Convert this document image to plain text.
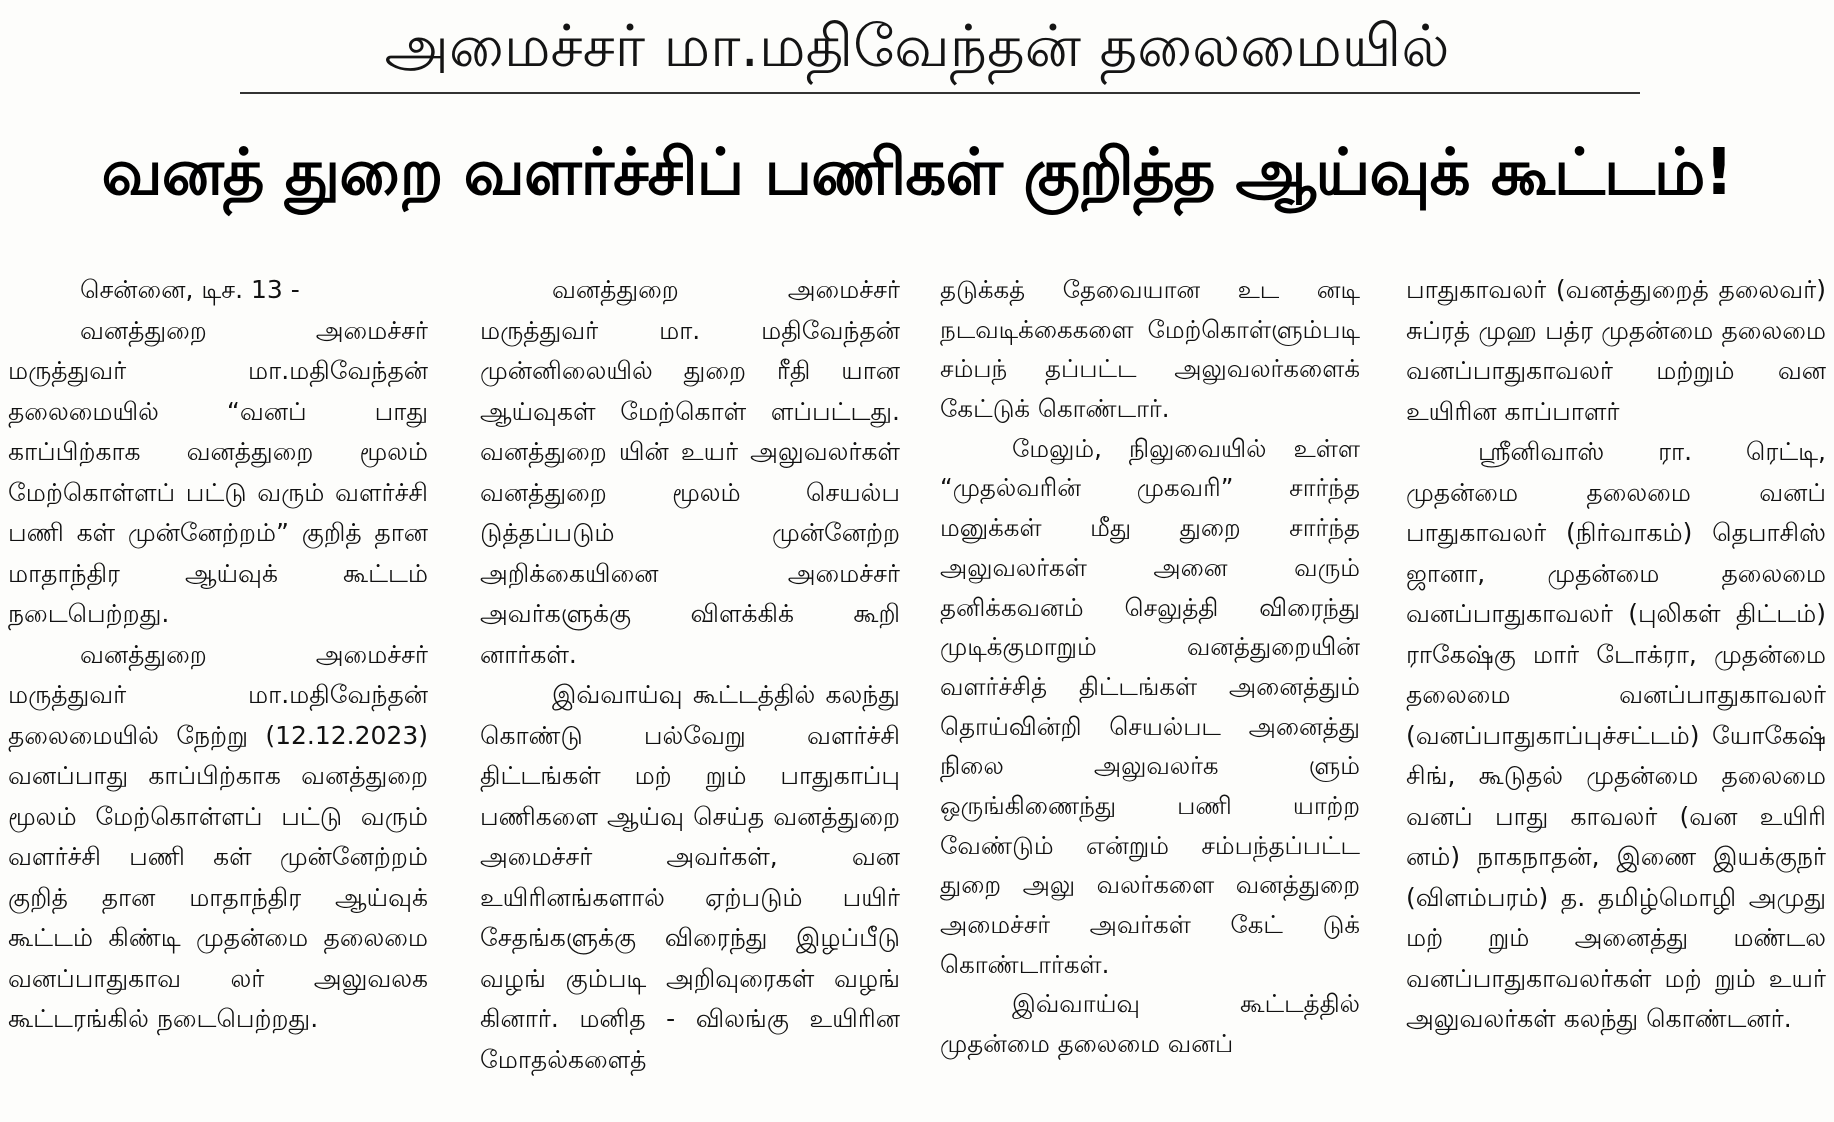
அமைச்சர் மா.மதிவேந்தன் தலைமையில்
வனத் துறை வளர்ச்சிப் பணிகள் குறித்த ஆய்வுக் கூட்டம்!

சென்னை, டிச. 13 -

வனத்துறை அமைச்சர் மருத்துவர் மா.மதிவேந்தன் தலைமையில் “வனப் பாது காப்பிற்காக வனத்துறை மூலம் மேற்கொள்ளப் பட்டு வரும் வளர்ச்சி பணி கள் முன்னேற்றம்” குறித் தான மாதாந்திர ஆய்வுக் கூட்டம் நடைபெற்றது.

வனத்துறை அமைச்சர் மருத்துவர் மா.மதிவேந்தன் தலைமையில் நேற்று (12.12.2023) வனப்பாது காப்பிற்காக வனத்துறை மூலம் மேற்கொள்ளப் பட்டு வரும் வளர்ச்சி பணி கள் முன்னேற்றம் குறித் தான மாதாந்திர ஆய்வுக் கூட்டம் கிண்டி முதன்மை தலைமை வனப்பாதுகாவ லர் அலுவலக கூட்டரங்கில் நடைபெற்றது.

வனத்துறை அமைச்சர் மருத்துவர் மா. மதிவேந்தன் முன்னிலையில் துறை ரீதி யான ஆய்வுகள் மேற்கொள் ளப்பட்டது. வனத்துறை யின் உயர் அலுவலர்கள் வனத்துறை மூலம் செயல்ப டுத்தப்படும் முன்னேற்ற அறிக்கையினை அமைச்சர் அவர்களுக்கு விளக்கிக் கூறி னார்கள்.

இவ்வாய்வு கூட்டத்தில் கலந்து கொண்டு பல்வேறு வளர்ச்சி திட்டங்கள் மற் றும் பாதுகாப்பு பணிகளை ஆய்வு செய்த வனத்துறை அமைச்சர் அவர்கள், வன உயிரினங்களால் ஏற்படும் பயிர் சேதங்களுக்கு விரைந்து இழப்பீடு வழங் கும்படி அறிவுரைகள் வழங் கினார். மனித - விலங்கு உயிரின மோதல்களைத்

தடுக்கத் தேவையான உட னடி நடவடிக்கைகளை மேற்கொள்ளும்படி சம்பந் தப்பட்ட அலுவலர்களைக் கேட்டுக் கொண்டார்.

மேலும், நிலுவையில் உள்ள “முதல்வரின் முகவரி” சார்ந்த மனுக்கள் மீது துறை சார்ந்த அலுவலர்கள் அனை வரும் தனிக்கவனம் செலுத்தி விரைந்து முடிக்குமாறும் வனத்துறையின் வளர்ச்சித் திட்டங்கள் அனைத்தும் தொய்வின்றி செயல்பட அனைத்து நிலை அலுவலர்க ளும் ஒருங்கிணைந்து பணி யாற்ற வேண்டும் என்றும் சம்பந்தப்பட்ட துறை அலு வலர்களை வனத்துறை அமைச்சர் அவர்கள் கேட் டுக் கொண்டார்கள்.

இவ்வாய்வு கூட்டத்தில் முதன்மை தலைமை வனப்

பாதுகாவலர் (வனத்துறைத் தலைவர்) சுப்ரத் முஹ பத்ர முதன்மை தலைமை வனப்பாதுகாவலர் மற்றும் வன உயிரின காப்பாளர்

ஸ்ரீனிவாஸ் ரா. ரெட்டி, முதன்மை தலைமை வனப் பாதுகாவலர் (நிர்வாகம்) தெபாசிஸ் ஜானா, முதன்மை தலைமை வனப்பாதுகாவலர் (புலிகள் திட்டம்) ராகேஷ்கு மார் டோக்ரா, முதன்மை தலைமை வனப்பாதுகாவலர் (வனப்பாதுகாப்புச்சட்டம்) யோகேஷ் சிங், கூடுதல் முதன்மை தலைமை வனப் பாது காவலர் (வன உயிரி னம்) நாகநாதன், இணை இயக்குநர் (விளம்பரம்) த. தமிழ்மொழி அமுது மற் றும் அனைத்து மண்டல வனப்பாதுகாவலர்கள் மற் றும் உயர் அலுவலர்கள் கலந்து கொண்டனர்.
